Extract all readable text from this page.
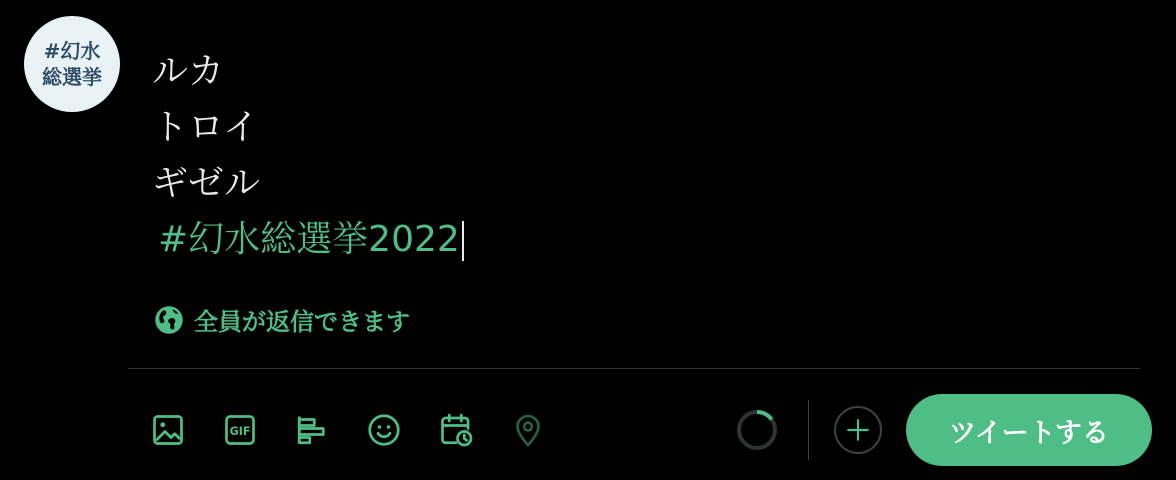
#幻水
総選挙 ルカ
トロイ
ギゼル
#幻水総選挙2022
全員が返信できます
GIF	ツイートする
